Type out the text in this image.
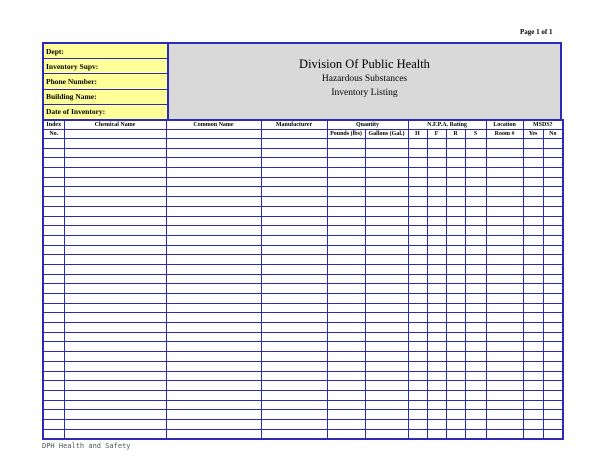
Page 1 of 1
Dept:
Inventory Supv:
Phone Number:
Building Name:
Date of Inventory:
Division Of Public Health
Hazardous Substances
Inventory Listing
Index	Chemical Name	Common Name	Manufacturer	Quantity		N.F.P.A. Rating				Location	MSDS?	
No.				Pounds (lbs)	Gallons (Gal.)	H	F	R	S	Room #	Yes	No

DPH Health and Safety
